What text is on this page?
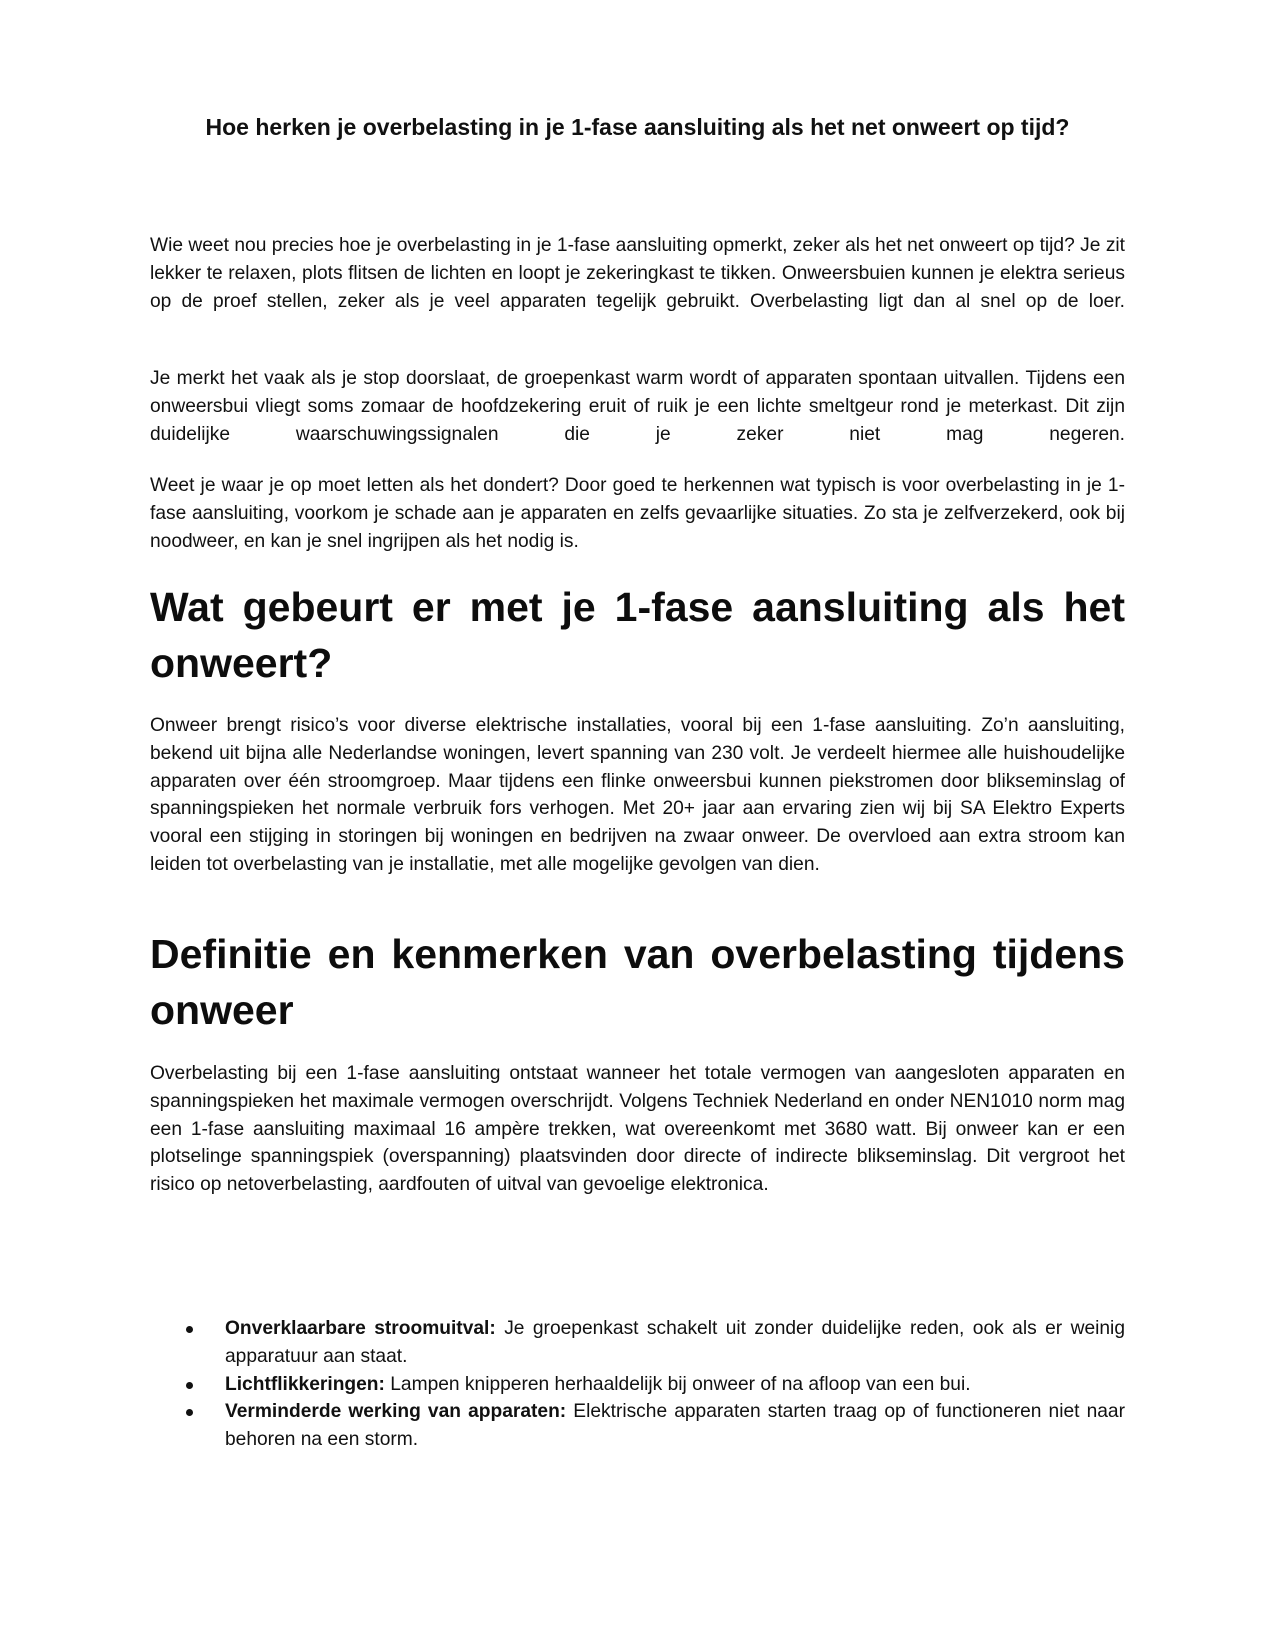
Hoe herken je overbelasting in je 1-fase aansluiting als het net onweert op tijd?

Wie weet nou precies hoe je overbelasting in je 1-fase aansluiting opmerkt, zeker als het net onweert op tijd? Je zit lekker te relaxen, plots flitsen de lichten en loopt je zekeringkast te tikken. Onweersbuien kunnen je elektra serieus op de proef stellen, zeker als je veel apparaten tegelijk gebruikt. Overbelasting ligt dan al snel op de loer.

Je merkt het vaak als je stop doorslaat, de groepenkast warm wordt of apparaten spontaan uitvallen. Tijdens een onweersbui vliegt soms zomaar de hoofdzekering eruit of ruik je een lichte smeltgeur rond je meterkast. Dit zijn duidelijke waarschuwingssignalen die je zeker niet mag negeren.

Weet je waar je op moet letten als het dondert? Door goed te herkennen wat typisch is voor overbelasting in je 1-fase aansluiting, voorkom je schade aan je apparaten en zelfs gevaarlijke situaties. Zo sta je zelfverzekerd, ook bij noodweer, en kan je snel ingrijpen als het nodig is.

Wat gebeurt er met je 1-fase aansluiting als het onweert?

Onweer brengt risico’s voor diverse elektrische installaties, vooral bij een 1-fase aansluiting. Zo’n aansluiting, bekend uit bijna alle Nederlandse woningen, levert spanning van 230 volt. Je verdeelt hiermee alle huishoudelijke apparaten over één stroomgroep. Maar tijdens een flinke onweersbui kunnen piekstromen door blikseminslag of spanningspieken het normale verbruik fors verhogen. Met 20+ jaar aan ervaring zien wij bij SA Elektro Experts vooral een stijging in storingen bij woningen en bedrijven na zwaar onweer. De overvloed aan extra stroom kan leiden tot overbelasting van je installatie, met alle mogelijke gevolgen van dien.

Definitie en kenmerken van overbelasting tijdens onweer

Overbelasting bij een 1-fase aansluiting ontstaat wanneer het totale vermogen van aangesloten apparaten en spanningspieken het maximale vermogen overschrijdt. Volgens Techniek Nederland en onder NEN1010 norm mag een 1-fase aansluiting maximaal 16 ampère trekken, wat overeenkomt met 3680 watt. Bij onweer kan er een plotselinge spanningspiek (overspanning) plaatsvinden door directe of indirecte blikseminslag. Dit vergroot het risico op netoverbelasting, aardfouten of uitval van gevoelige elektronica.

Onverklaarbare stroomuitval: Je groepenkast schakelt uit zonder duidelijke reden, ook als er weinig apparatuur aan staat.
Lichtflikkeringen: Lampen knipperen herhaaldelijk bij onweer of na afloop van een bui.
Verminderde werking van apparaten: Elektrische apparaten starten traag op of functioneren niet naar behoren na een storm.
